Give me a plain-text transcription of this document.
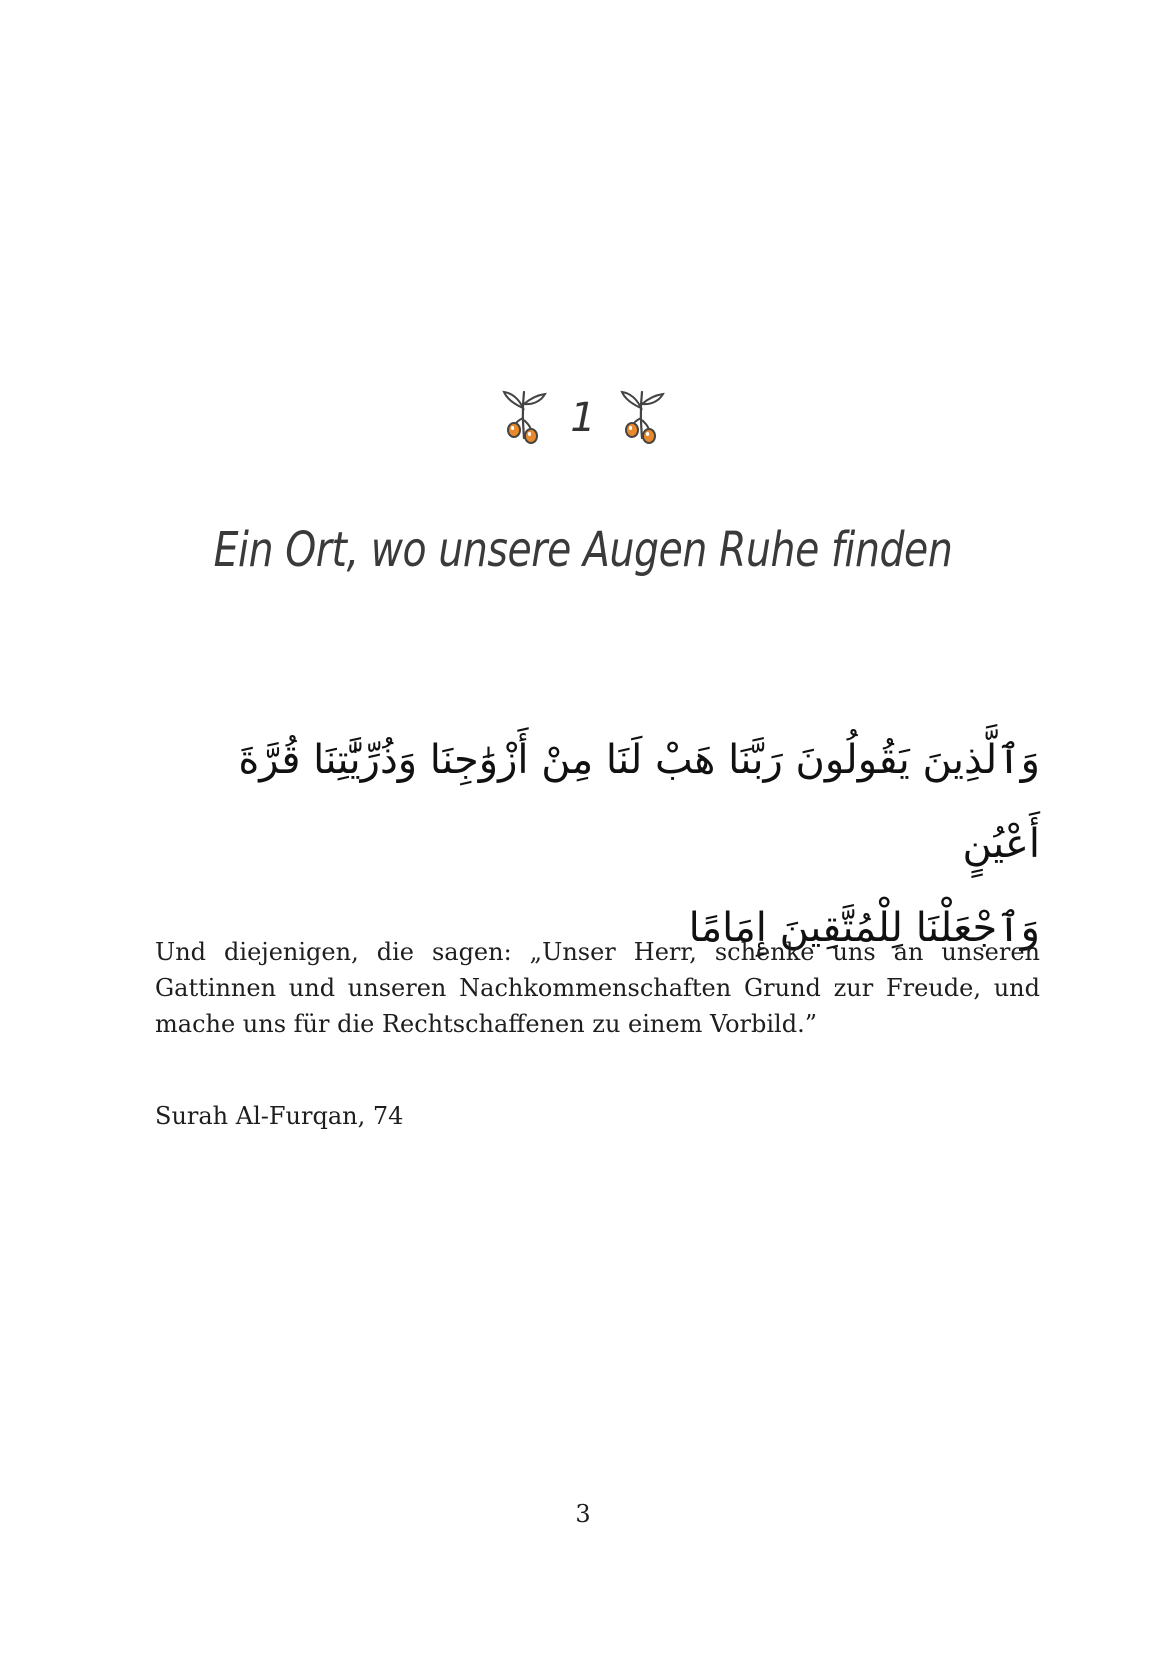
1
Ein Ort, wo unsere Augen Ruhe finden
وَٱلَّذِينَ يَقُولُونَ رَبَّنَا هَبْ لَنَا مِنْ أَزْوَٰجِنَا وَذُرِّيَّٰتِنَا قُرَّةَ أَعْيُنٍ
وَٱجْعَلْنَا لِلْمُتَّقِينَ إِمَامًا
Und diejenigen, die sagen: „Unser Herr, schenke uns an unseren Gattinnen und unseren Nachkommenschaften Grund zur Freude, und mache uns für die Rechtschaffenen zu einem Vorbild.”
Surah Al-Furqan, 74
3
